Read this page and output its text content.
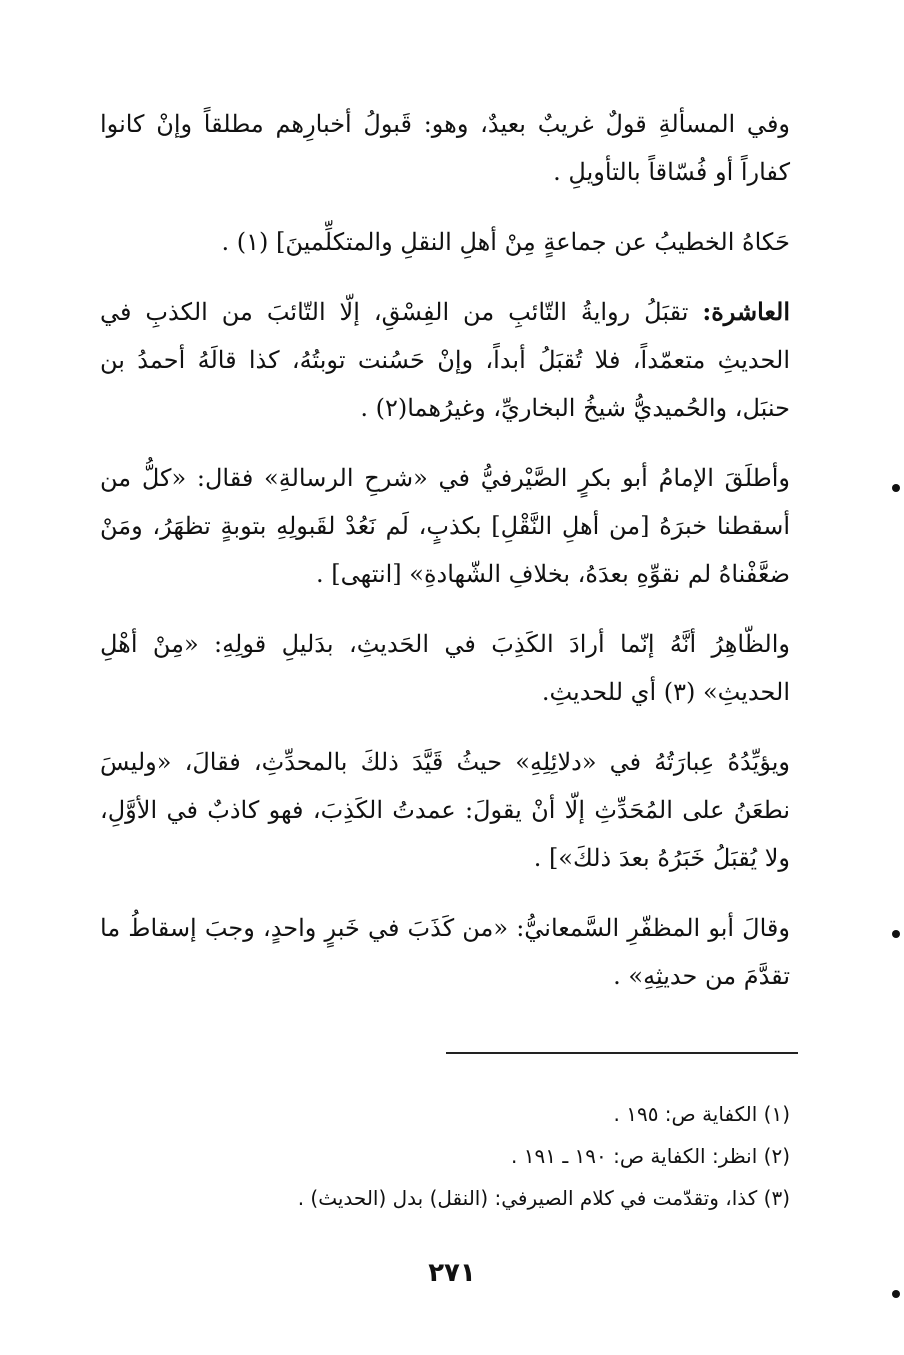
وفي المسألةِ قولٌ غريبٌ بعيدٌ، وهو: قَبولُ أخبارِهم مطلقاً وإنْ كانوا كفاراً أو فُسّاقاً بالتأويلِ .

حَكاهُ الخطيبُ عن جماعةٍ مِنْ أهلِ النقلِ والمتكلِّمينَ] (١) .

العاشرة: تقبَلُ روايةُ التّائبِ من الفِسْقِ، إلّا التّائبَ من الكذبِ في الحديثِ متعمّداً، فلا تُقبَلُ أبداً، وإنْ حَسُنت توبتُهُ، كذا قالَهُ أحمدُ بن حنبَل، والحُميديُّ شيخُ البخاريِّ، وغيرُهما(٢) .

وأطلَقَ الإمامُ أبو بكرٍ الصَّيْرفيُّ في «شرحِ الرسالةِ» فقال: «كلُّ من أسقطنا خبرَهُ [من أهلِ النَّقْلِ] بكذبٍ، لَم نَعُدْ لقَبولِهِ بتوبةٍ تظهَرُ، ومَنْ ضعَّفْناهُ لم نقوِّهِ بعدَهُ، بخلافِ الشّهادةِ» [انتهى] .

والظّاهِرُ أنَّهُ إنّما أرادَ الكَذِبَ في الحَديثِ، بدَليلِ قولِهِ: «مِنْ أهْلِ الحديثِ» (٣) أي للحديثِ.

ويؤيِّدُهُ عِبارَتُهُ في «دلائِلِهِ» حيثُ قَيَّدَ ذلكَ بالمحدِّثِ، فقالَ، «وليسَ نطعَنُ على المُحَدِّثِ إلّا أنْ يقولَ: عمدتُ الكَذِبَ، فهو كاذبٌ في الأوَّلِ، ولا يُقبَلُ خَبَرُهُ بعدَ ذلكَ»] .

وقالَ أبو المظفّرِ السَّمعانيُّ: «من كَذَبَ في خَبرٍ واحدٍ، وجبَ إسقاطُ ما تقدَّمَ من حديثِهِ» .

(١) الكفاية ص: ١٩٥ .

(٢) انظر: الكفاية ص: ١٩٠ ـ ١٩١ .

(٣) كذا، وتقدّمت في كلام الصيرفي: (النقل) بدل (الحديث) .

٢٧١
